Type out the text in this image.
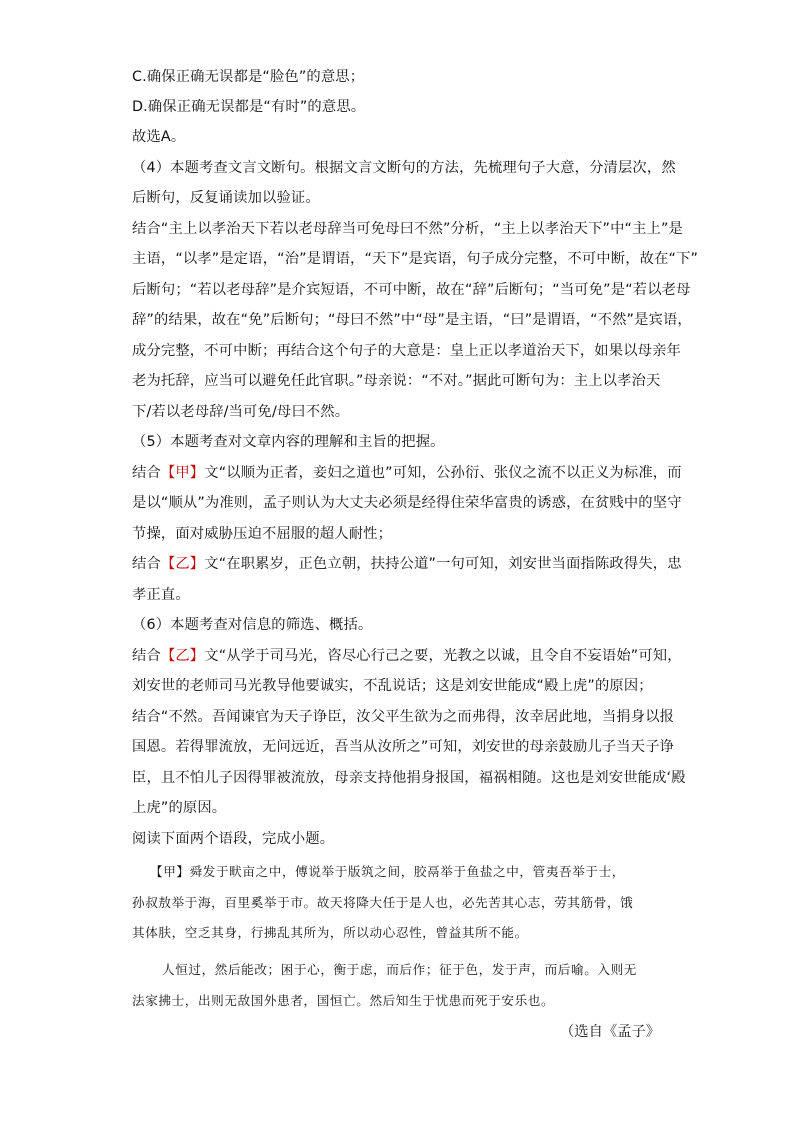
C.确保正确无误都是“脸色”的意思；
D.确保正确无误都是“有时”的意思。
故选A。
（4）本题考查文言文断句。根据文言文断句的方法，先梳理句子大意，分清层次，然
后断句，反复诵读加以验证。
结合“主上以孝治天下若以老母辞当可免母曰不然”分析，“主上以孝治天下”中“主上”是
主语，“以孝”是定语，“治”是谓语，“天下”是宾语，句子成分完整，不可中断，故在“下”
后断句；“若以老母辞”是介宾短语，不可中断，故在“辞”后断句；“当可免”是“若以老母
辞”的结果，故在“免”后断句；“母曰不然”中“母”是主语，“曰”是谓语，“不然”是宾语，
成分完整，不可中断；再结合这个句子的大意是：皇上正以孝道治天下，如果以母亲年
老为托辞，应当可以避免任此官职。”母亲说：“不对。”据此可断句为：主上以孝治天
下/若以老母辞/当可免/母曰不然。
（5）本题考查对文章内容的理解和主旨的把握。
结合【甲】文“以顺为正者，妾妇之道也”可知，公孙衍、张仪之流不以正义为标准，而
是以“顺从”为准则，孟子则认为大丈夫必须是经得住荣华富贵的诱惑，在贫贱中的坚守
节操，面对威胁压迫不屈服的超人耐性；
结合【乙】文“在职累岁，正色立朝，扶持公道”一句可知，刘安世当面指陈政得失，忠
孝正直。
（6）本题考查对信息的筛选、概括。
结合【乙】文“从学于司马光，咨尽心行己之要，光教之以诚，且令自不妄语始”可知，
刘安世的老师司马光教导他要诚实，不乱说话；这是刘安世能成“殿上虎”的原因；
结合“不然。吾闻谏官为天子诤臣，汝父平生欲为之而弗得，汝幸居此地，当捐身以报
国恩。若得罪流放，无问远近，吾当从汝所之”可知，刘安世的母亲鼓励儿子当天子诤
臣，且不怕儿子因得罪被流放，母亲支持他捐身报国，福祸相随。这也是刘安世能成‘殿
上虎”的原因。
阅读下面两个语段，完成小题。
【甲】舜发于畎亩之中，傅说举于版筑之间，胶鬲举于鱼盐之中，管夷吾举于士，
孙叔敖举于海，百里奚举于市。故天将降大任于是人也，必先苦其心志，劳其筋骨，饿
其体肤，空乏其身，行拂乱其所为，所以动心忍性，曾益其所不能。
人恒过，然后能改；困于心，衡于虑，而后作；征于色，发于声，而后喻。入则无
法家拂士，出则无敌国外患者，国恒亡。然后知生于忧患而死于安乐也。
（选自《孟子》
